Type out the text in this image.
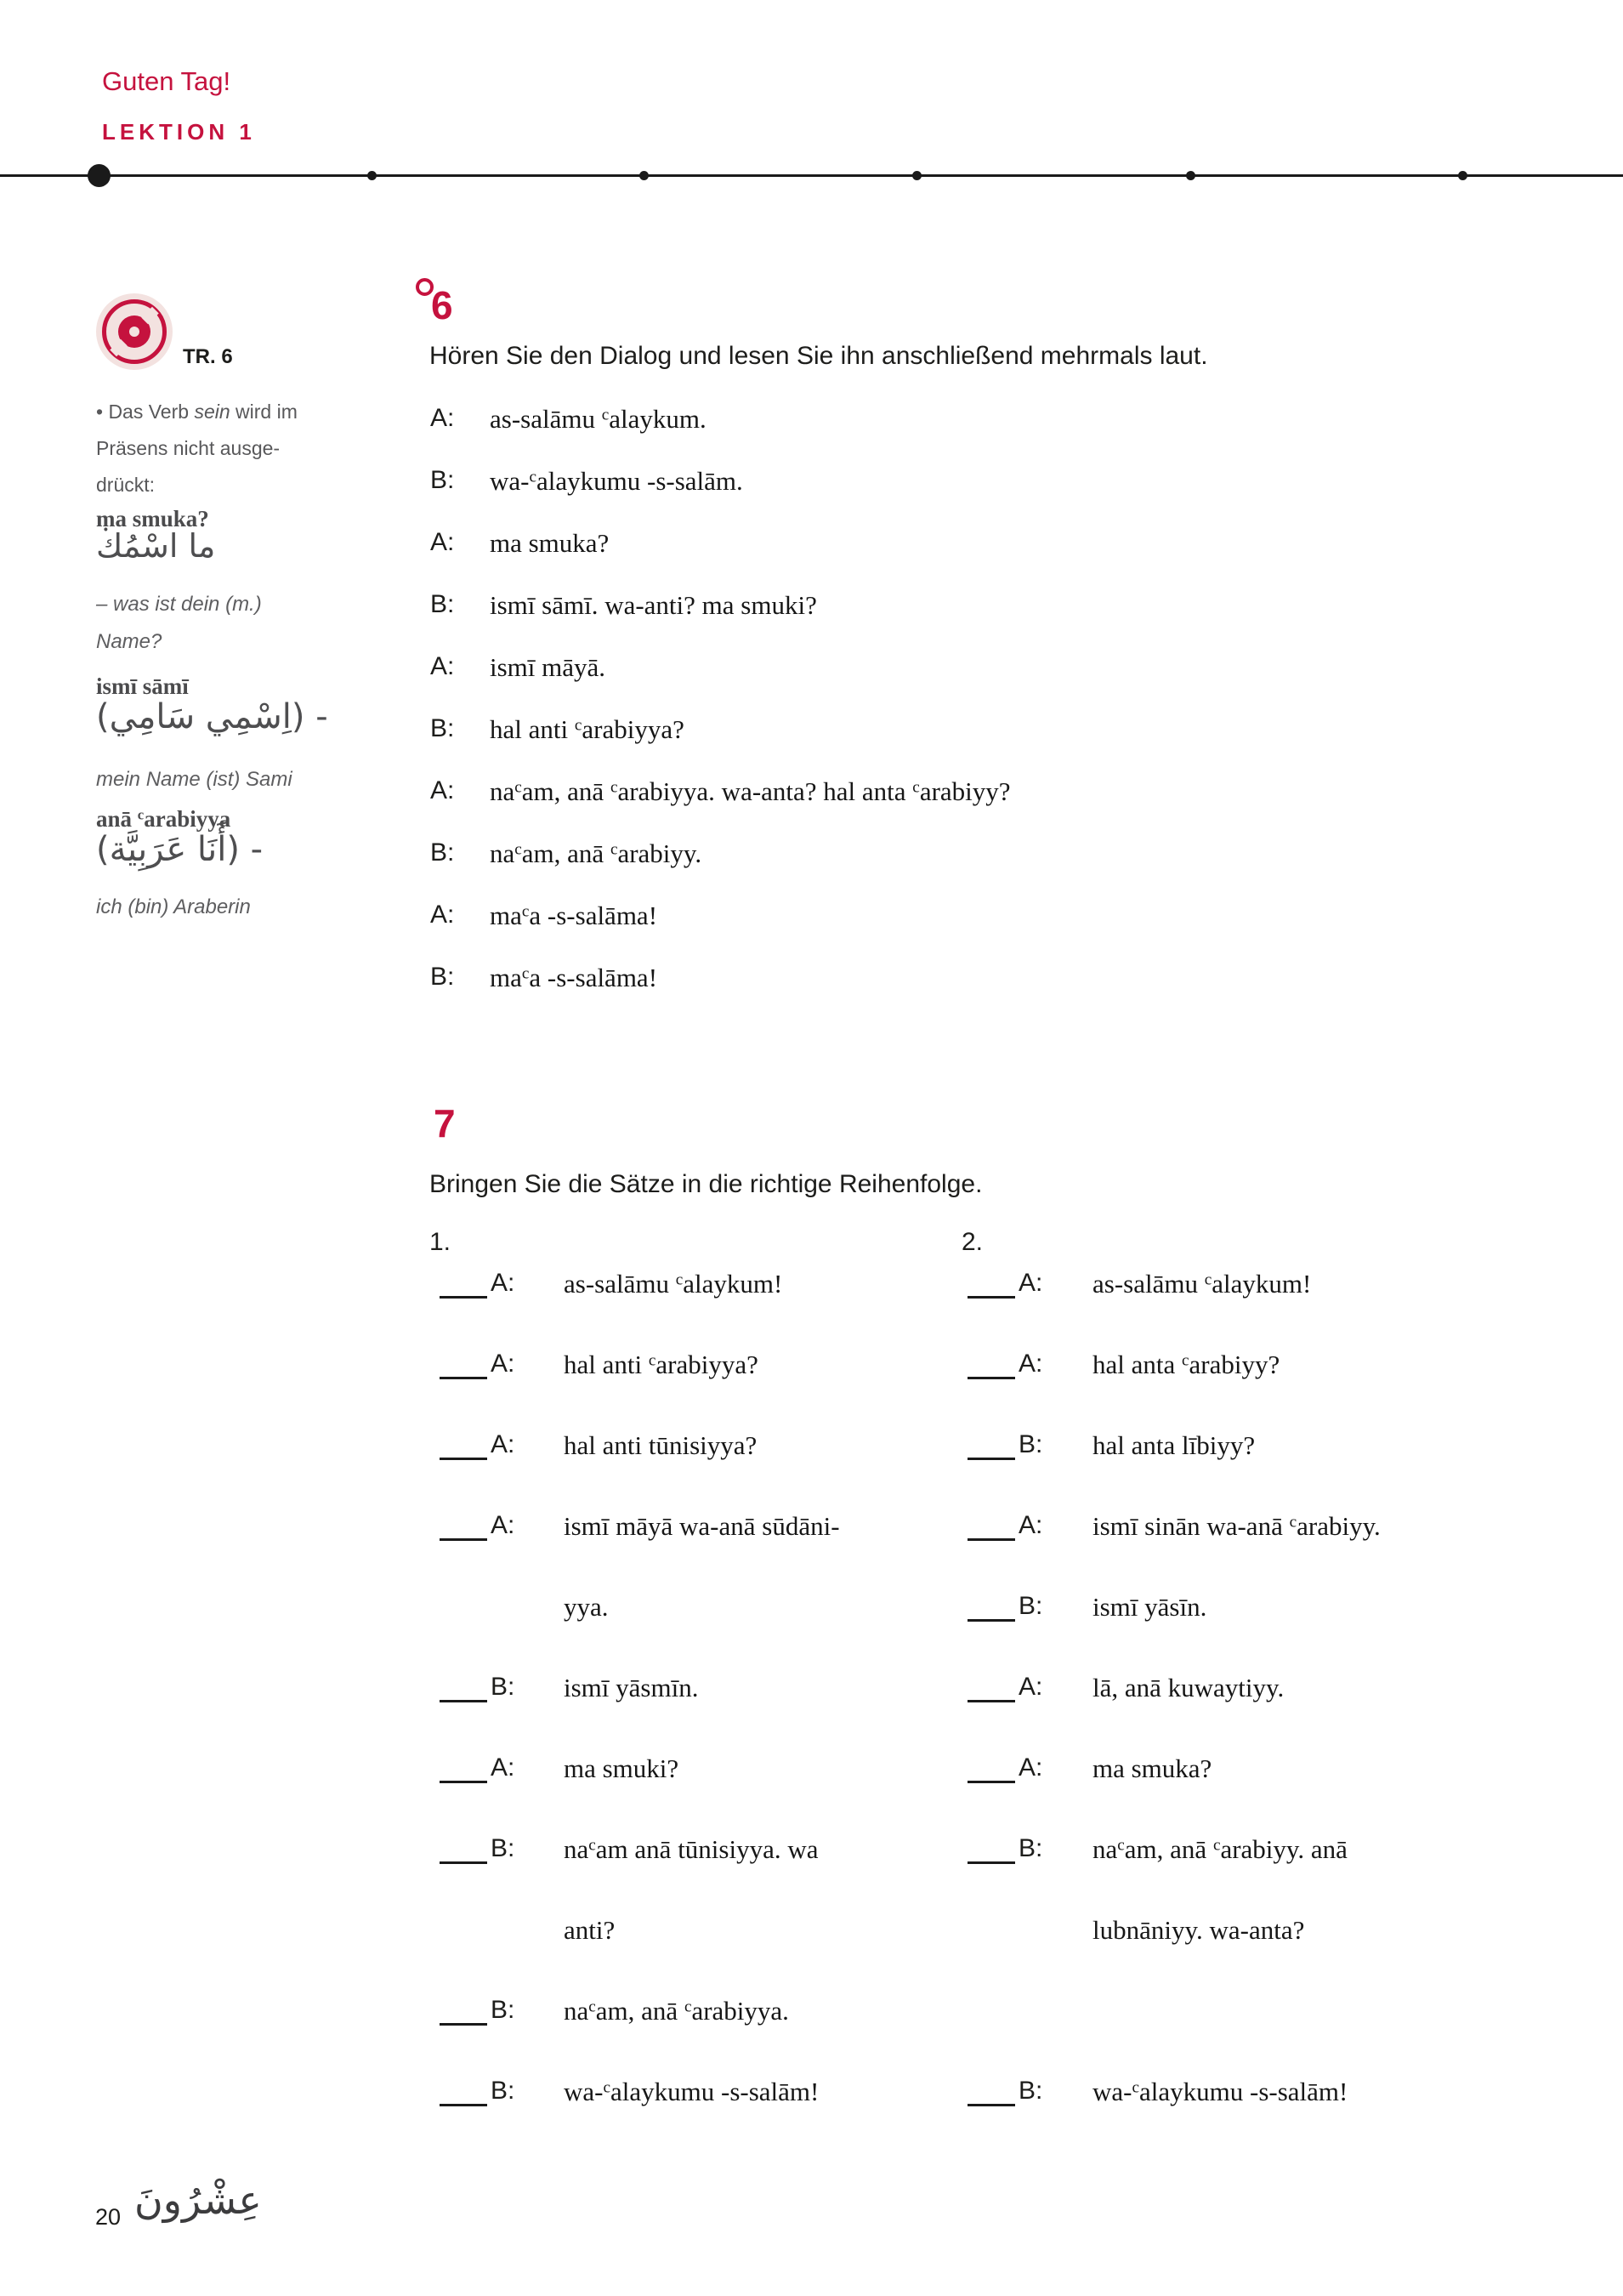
Guten Tag!
LEKTION 1
TR. 6
• Das Verb sein wird im
Präsens nicht ausge-
drückt:
ṃa smuka?
ما اسْمُك
– was ist dein (m.)
Name?
ismī sāmī
(اِسْمِي سَامِي) -
mein Name (ist) Sami
anā $^c$arabiyya
(أَنَا عَرَبِيَّة) -
ich (bin) Araberin
6
Hören Sie den Dialog und lesen Sie ihn anschließend mehrmals laut.
A: as-salāmu $^c$alaykum.
B: wa-$^c$alaykumu -s-salām.
A: ma smuka?
B: ismī sāmī. wa-anti? ma smuki?
A: ismī māyā.
B: hal anti $^c$arabiyya?
A: $na^cam$, anā $^c$arabiyya. wa-anta? hal anta $^c$arabiyy?
B: $na^cam$, anā $^c$arabiyy.
A: $ma^ca$ -s-salāma!
B: $ma^ca$ -s-salāma!
7
Bringen Sie die Sätze in die richtige Reihenfolge.
1.	2.
A: as-salāmu $^c$alaykum!
A: hal anti $^c$arabiyya?
A: hal anti tūnisiyya?
A: ismī māyā wa-anā sūdāni-
yya.
B: ismī yāsmīn.
A: ma smuki?
B: $na^cam$ anā tūnisiyya. wa
anti?
B: $na^cam$, anā $^c$arabiyya.
B: wa-$^c$alaykumu -s-salām!
A: as-salāmu $^c$alaykum!
A: hal anta $^c$arabiyy?
B: hal anta lībiyy?
A: ismī sinān wa-anā $^c$arabiyy.
B: ismī yāsīn.
A: lā, anā kuwaytiyy.
A: ma smuka?
B: $na^cam$, anā $^c$arabiyy. anā
lubnāniyy. wa-anta?
B: wa-$^c$alaykumu -s-salām!
20 عِشْرُونَ
